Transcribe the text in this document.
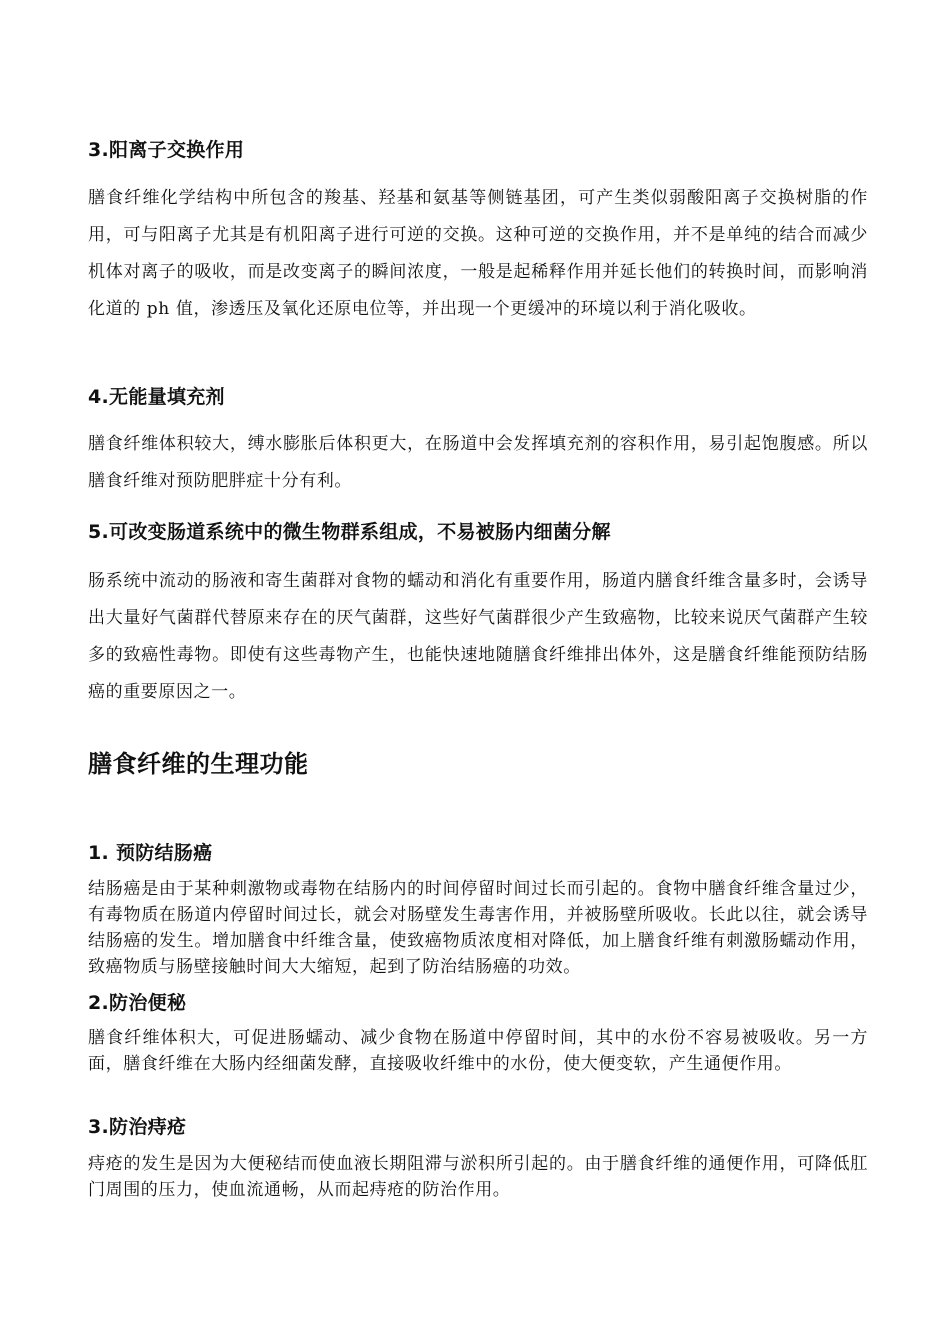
3.阳离子交换作用

膳食纤维化学结构中所包含的羧基、羟基和氨基等侧链基团，可产生类似弱酸阳离子交换树脂的作用，可与阳离子尤其是有机阳离子进行可逆的交换。这种可逆的交换作用，并不是单纯的结合而减少机体对离子的吸收，而是改变离子的瞬间浓度，一般是起稀释作用并延长他们的转换时间，而影响消化道的 ph 值，渗透压及氧化还原电位等，并出现一个更缓冲的环境以利于消化吸收。

4.无能量填充剂

膳食纤维体积较大，缚水膨胀后体积更大，在肠道中会发挥填充剂的容积作用，易引起饱腹感。所以膳食纤维对预防肥胖症十分有利。

5.可改变肠道系统中的微生物群系组成，不易被肠内细菌分解

肠系统中流动的肠液和寄生菌群对食物的蠕动和消化有重要作用，肠道内膳食纤维含量多时，会诱导出大量好气菌群代替原来存在的厌气菌群，这些好气菌群很少产生致癌物，比较来说厌气菌群产生较多的致癌性毒物。即使有这些毒物产生，也能快速地随膳食纤维排出体外，这是膳食纤维能预防结肠癌的重要原因之一。

膳食纤维的生理功能
1. 预防结肠癌

结肠癌是由于某种刺激物或毒物在结肠内的时间停留时间过长而引起的。食物中膳食纤维含量过少，有毒物质在肠道内停留时间过长，就会对肠壁发生毒害作用，并被肠壁所吸收。长此以往，就会诱导结肠癌的发生。增加膳食中纤维含量，使致癌物质浓度相对降低，加上膳食纤维有刺激肠蠕动作用，致癌物质与肠壁接触时间大大缩短，起到了防治结肠癌的功效。

2.防治便秘

膳食纤维体积大，可促进肠蠕动、减少食物在肠道中停留时间，其中的水份不容易被吸收。另一方面，膳食纤维在大肠内经细菌发酵，直接吸收纤维中的水份，使大便变软，产生通便作用。

3.防治痔疮

痔疮的发生是因为大便秘结而使血液长期阻滞与淤积所引起的。由于膳食纤维的通便作用，可降低肛门周围的压力，使血流通畅，从而起痔疮的防治作用。
